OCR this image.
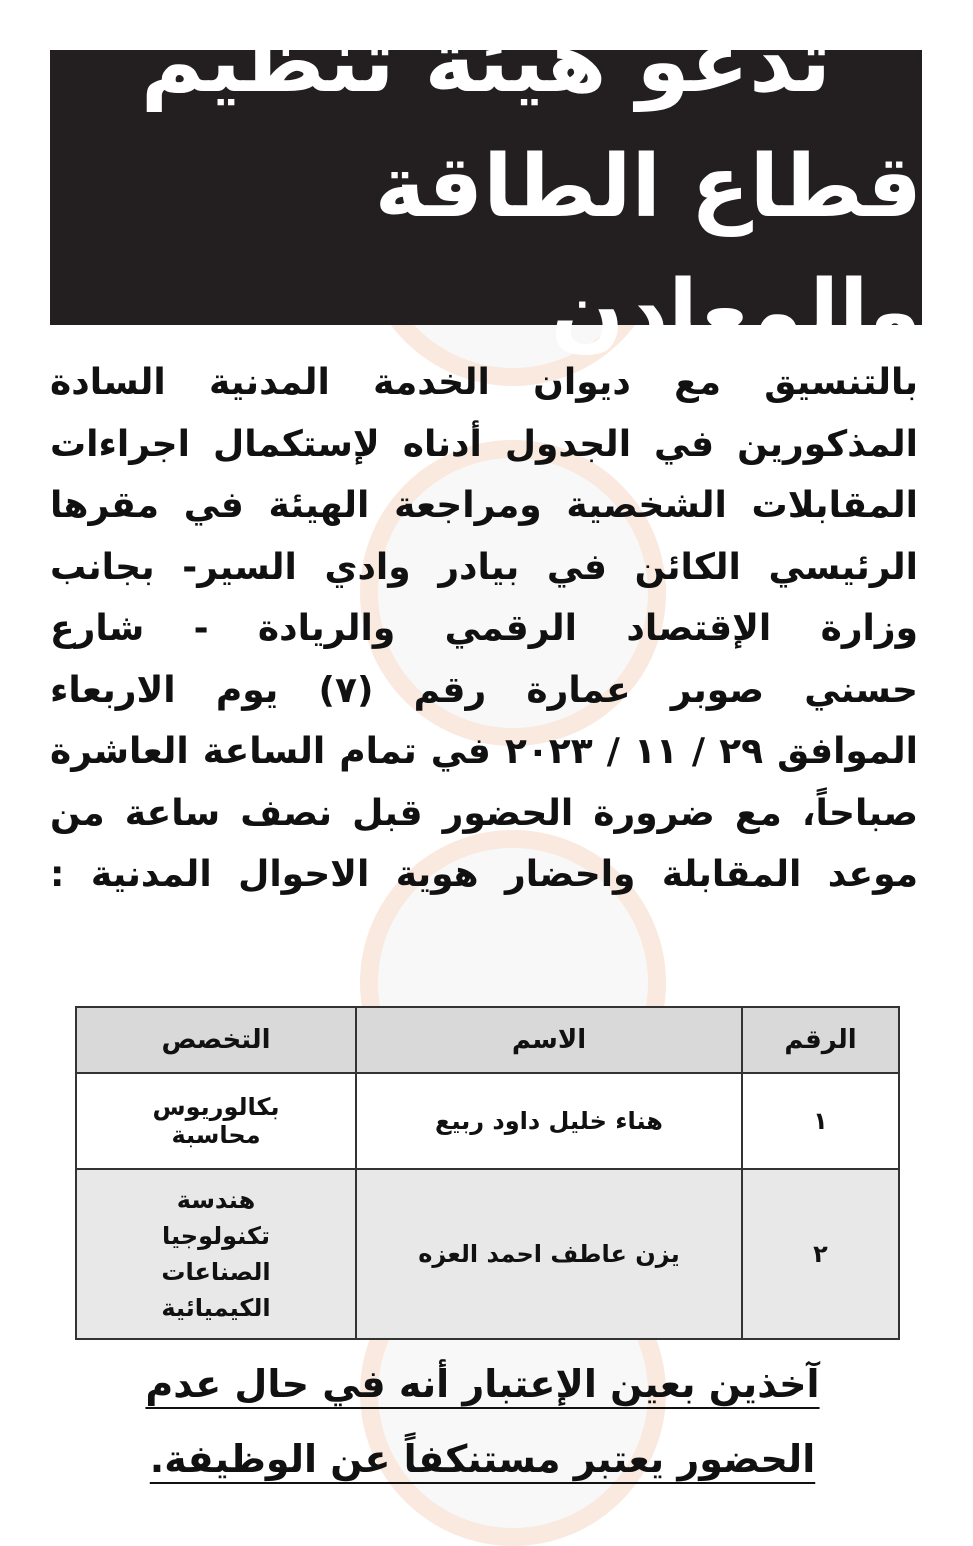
تدعو هيئة تنظيم
قطاع الطاقة والمعادن
بالتنسيق مع ديوان الخدمة المدنية السادة
المذكورين في الجدول أدناه لإستكمال اجراءات
المقابلات الشخصية ومراجعة الهيئة في مقرها
الرئيسي الكائن في بيادر وادي السير- بجانب
وزارة الإقتصاد الرقمي والريادة - شارع
حسني صوبر عمارة رقم (٧) يوم الاربعاء
الموافق ٢٩ / ١١ / ٢٠٢٣ في تمام الساعة العاشرة
صباحاً، مع ضرورة الحضور قبل نصف ساعة من
موعد المقابلة واحضار هوية الاحوال المدنية :
الرقم	الاسم	التخصص
١	هناء خليل داود ربيع	بكالوريوس محاسبة
٢	يزن عاطف احمد العزه	هندسة تكنولوجيا الصناعات الكيميائية
آخذين بعين الإعتبار أنه في حال عدم
الحضور يعتبر مستنكفاً عن الوظيفة.
